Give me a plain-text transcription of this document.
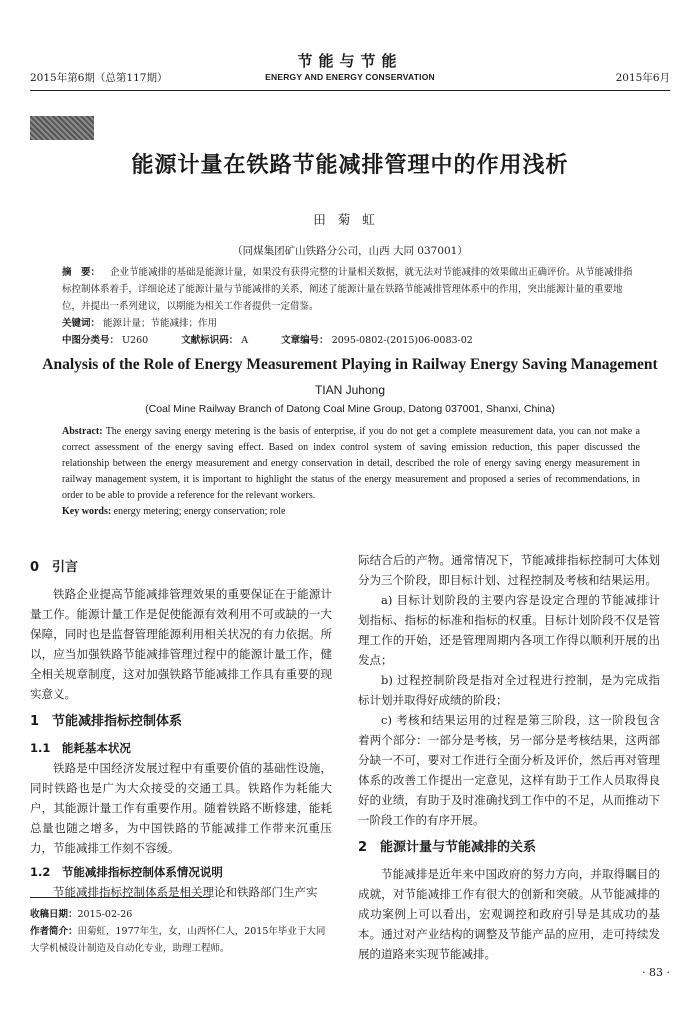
2015年第6期（总第117期）
节能与节能
ENERGY AND ENERGY CONSERVATION	2015年6月
能源计量在铁路节能减排管理中的作用浅析
田菊虹
（同煤集团矿山铁路分公司，山西 大同 037001）
摘　要： 企业节能减排的基础是能源计量，如果没有获得完整的计量相关数据，就无法对节能减排的效果做出正确评价。从节能减排指标控制体系着手，详细论述了能源计量与节能减排的关系，阐述了能源计量在铁路节能减排管理体系中的作用，突出能源计量的重要地位，并提出一系列建议，以期能为相关工作者提供一定借鉴。
关键词： 能源计量；节能减排；作用
中图分类号： U260	文献标识码： A	文章编号： 2095-0802-(2015)06-0083-02
Analysis of the Role of Energy Measurement Playing in Railway Energy Saving Management
TIAN Juhong
(Coal Mine Railway Branch of Datong Coal Mine Group, Datong 037001, Shanxi, China)
Abstract: The energy saving energy metering is the basis of enterprise, if you do not get a complete measurement data, you can not make a correct assessment of the energy saving effect. Based on index control system of saving emission reduction, this paper discussed the relationship between the energy measurement and energy conservation in detail, described the role of energy saving energy measurement in railway management system, it is important to highlight the status of the energy measurement and proposed a series of recommendations, in order to be able to provide a reference for the relevant workers.
Key words: energy metering; energy conservation; role
0　引言

铁路企业提高节能减排管理效果的重要保证在于能源计量工作。能源计量工作是促使能源有效利用不可或缺的一大保障，同时也是监督管理能源利用相关状况的有力依据。所以，应当加强铁路节能减排管理过程中的能源计量工作，健全相关规章制度，这对加强铁路节能减排工作具有重要的现实意义。

1　节能减排指标控制体系
1.1　能耗基本状况

铁路是中国经济发展过程中有重要价值的基础性设施，同时铁路也是广为大众接受的交通工具。铁路作为耗能大户，其能源计量工作有重要作用。随着铁路不断修建，能耗总量也随之增多，为中国铁路的节能减排工作带来沉重压力，节能减排工作刻不容缓。

1.2　节能减排指标控制体系情况说明

节能减排指标控制体系是相关理论和铁路部门生产实

收稿日期：2015-02-26
作者简介：田菊虹，1977年生，女，山西怀仁人，2015年毕业于大同大学机械设计制造及自动化专业，助理工程师。

际结合后的产物。通常情况下，节能减排指标控制可大体划分为三个阶段，即目标计划、过程控制及考核和结果运用。

a) 目标计划阶段的主要内容是设定合理的节能减排计划指标、指标的标准和指标的权重。目标计划阶段不仅是管理工作的开始，还是管理周期内各项工作得以顺利开展的出发点；

b) 过程控制阶段是指对全过程进行控制，是为完成指标计划并取得好成绩的阶段；

c) 考核和结果运用的过程是第三阶段，这一阶段包含着两个部分：一部分是考核，另一部分是考核结果，这两部分缺一不可，要对工作进行全面分析及评价，然后再对管理体系的改善工作提出一定意见，这样有助于工作人员取得良好的业绩，有助于及时准确找到工作中的不足，从而推动下一阶段工作的有序开展。

2　能源计量与节能减排的关系

节能减排是近年来中国政府的努力方向，并取得瞩目的成就，对节能减排工作有很大的创新和突破。从节能减排的成功案例上可以看出，宏观调控和政府引导是其成功的基本。通过对产业结构的调整及节能产品的应用，走可持续发展的道路来实现节能减排。

· 83 ·
